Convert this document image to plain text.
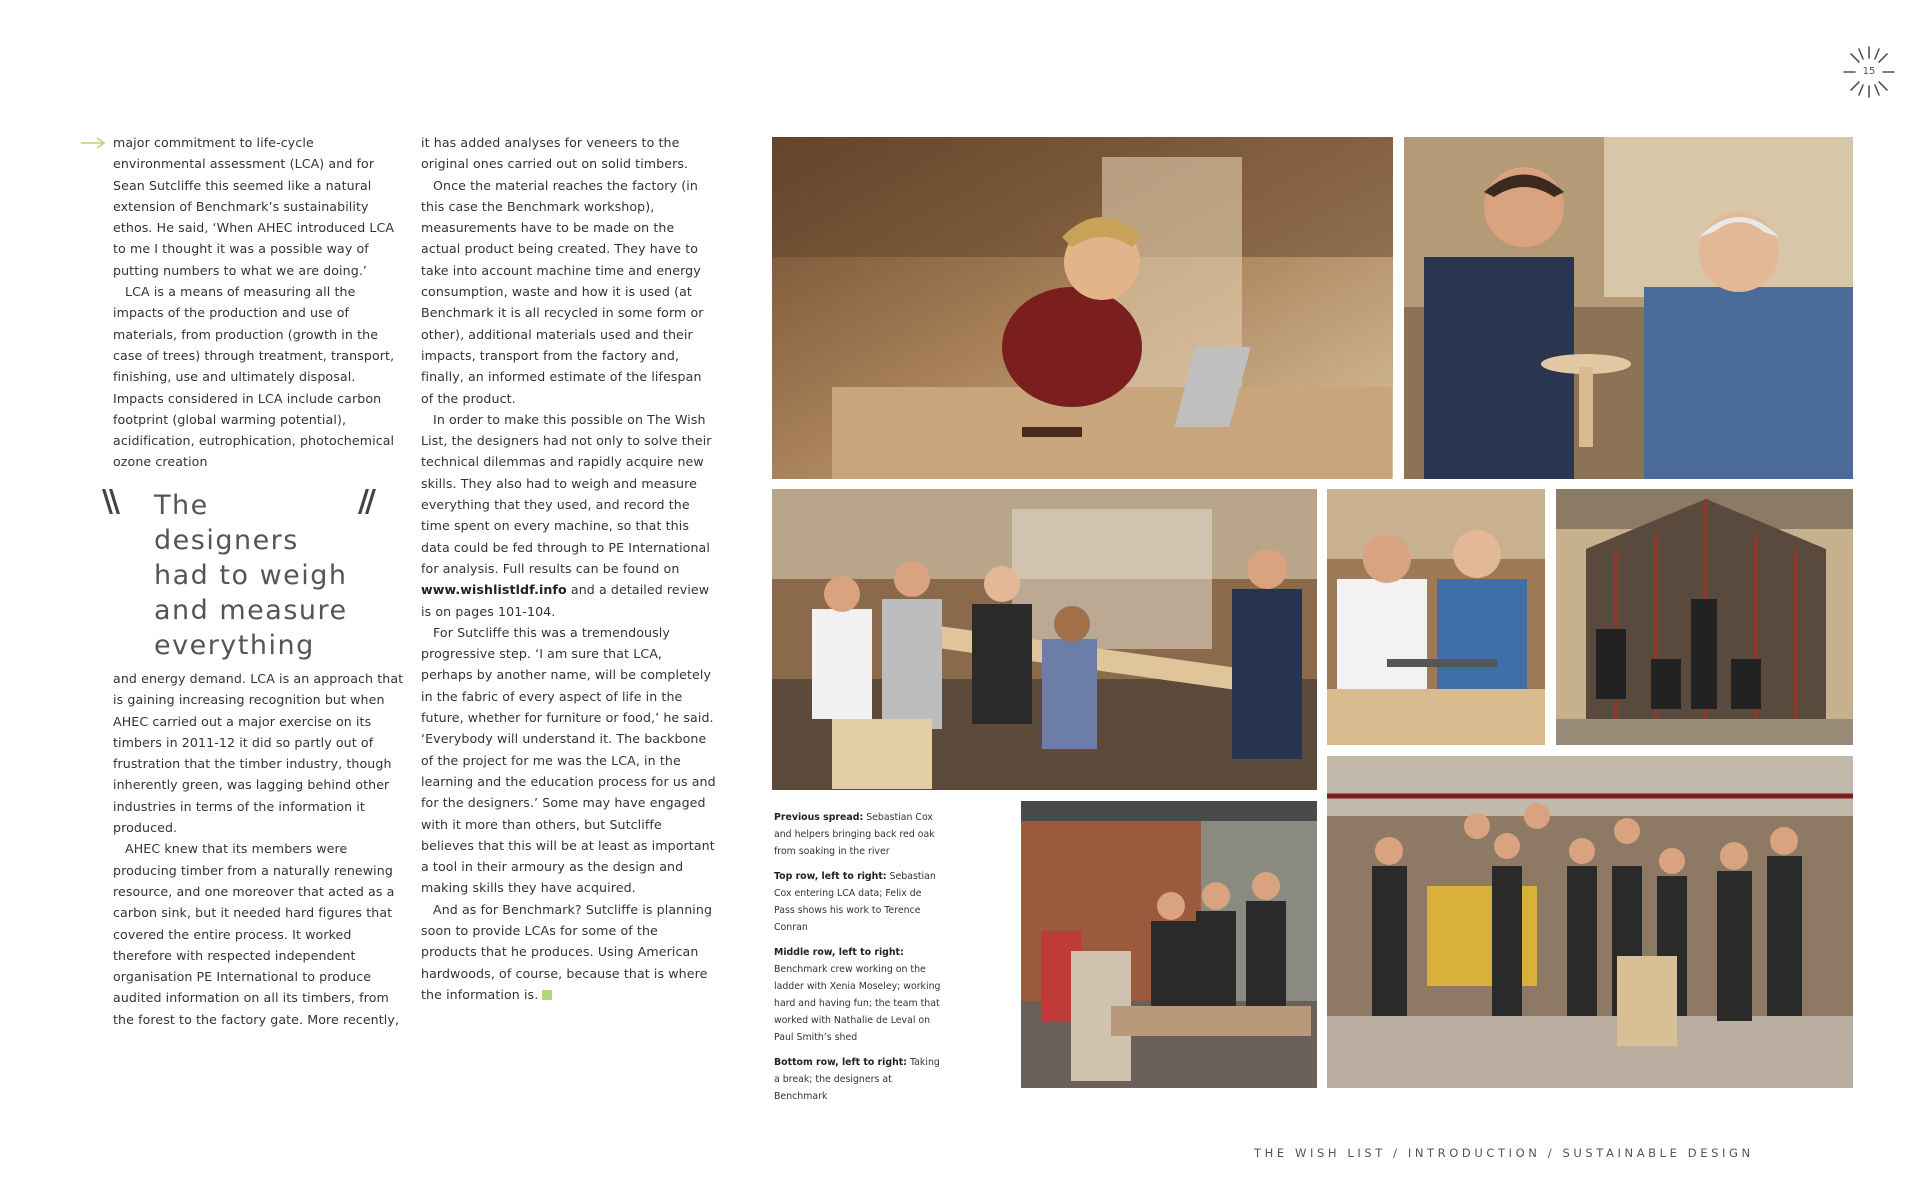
15

major commitment to life-cycle environmental assessment (LCA) and for Sean Sutcliffe this seemed like a natural extension of Benchmark’s sustainability ethos. He said, ‘When AHEC introduced LCA to me I thought it was a possible way of putting numbers to what we are doing.’

LCA is a means of measuring all the impacts of the production and use of materials, from production (growth in the case of trees) through treatment, transport, finishing, use and ultimately disposal. Impacts considered in LCA include carbon footprint (global warming potential), acidification, eutrophication, photochemical ozone creation

\\ The designers had to weigh and measure everything
//

and energy demand. LCA is an approach that is gaining increasing recognition but when AHEC carried out a major exercise on its timbers in 2011-12 it did so partly out of frustration that the timber industry, though inherently green, was lagging behind other industries in terms of the information it produced.

AHEC knew that its members were producing timber from a naturally renewing resource, and one moreover that acted as a carbon sink, but it needed hard figures that covered the entire process. It worked therefore with respected independent organisation PE International to produce audited information on all its timbers, from the forest to the factory gate. More recently,

it has added analyses for veneers to the original ones carried out on solid timbers.

Once the material reaches the factory (in this case the Benchmark workshop), measurements have to be made on the actual product being created. They have to take into account machine time and energy consumption, waste and how it is used (at Benchmark it is all recycled in some form or other), additional materials used and their impacts, transport from the factory and, finally, an informed estimate of the lifespan of the product.

In order to make this possible on The Wish List, the designers had not only to solve their technical dilemmas and rapidly acquire new skills. They also had to weigh and measure everything that they used, and record the time spent on every machine, so that this data could be fed through to PE International for analysis. Full results can be found on www.wishlistldf.info and a detailed review is on pages 101-104.

For Sutcliffe this was a tremendously progressive step. ‘I am sure that LCA, perhaps by another name, will be completely in the fabric of every aspect of life in the future, whether for furniture or food,’ he said. ‘Everybody will understand it. The backbone of the project for me was the LCA, in the learning and the education process for us and for the designers.’ Some may have engaged with it more than others, but Sutcliffe believes that this will be at least as important a tool in their armoury as the design and making skills they have acquired.

And as for Benchmark? Sutcliffe is planning soon to provide LCAs for some of the products that he produces. Using American hardwoods, of course, because that is where the information is.

Previous spread: Sebastian Cox and helpers bringing back red oak from soaking in the river

Top row, left to right: Sebastian Cox entering LCA data; Felix de Pass shows his work to Terence Conran

Middle row, left to right: Benchmark crew working on the ladder with Xenia Moseley; working hard and having fun; the team that worked with Nathalie de Leval on Paul Smith’s shed

Bottom row, left to right: Taking a break; the designers at Benchmark

THE WISH LIST / INTRODUCTION / SUSTAINABLE DESIGN
